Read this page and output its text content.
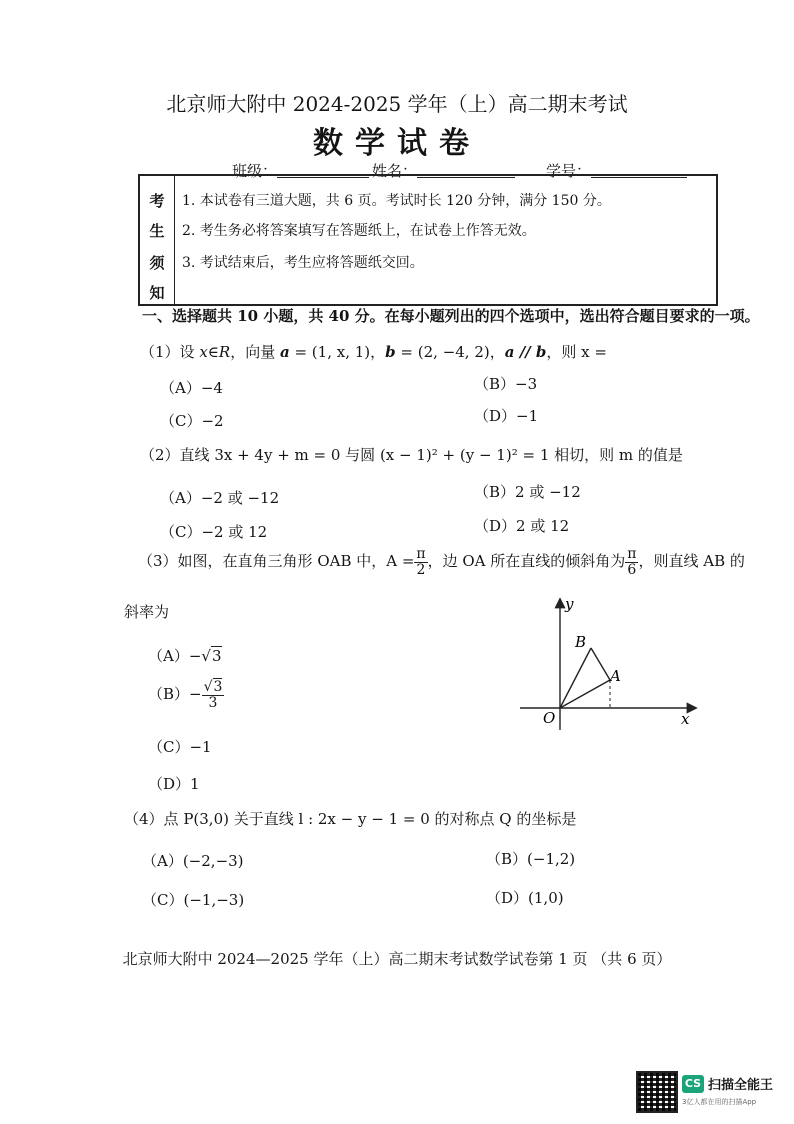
北京师大附中 2024-2025 学年（上）高二期末考试
数学试卷
班级：	姓名：	学号：
考
生
须
知
1. 本试卷有三道大题，共 6 页。考试时长 120 分钟，满分 150 分。
2. 考生务必将答案填写在答题纸上，在试卷上作答无效。
3. 考试结束后，考生应将答题纸交回。
一、选择题共 10 小题，共 40 分。在每小题列出的四个选项中，选出符合题目要求的一项。
（1）设 x∈R，向量 a = (1, x, 1)，b = (2, −4, 2)，a // b，则 x =
（A）−4	（B）−3
（C）−2	（D）−1
（2）直线 3x + 4y + m = 0 与圆 (x − 1)² + (y − 1)² = 1 相切，则 m 的值是
（A）−2 或 −12	（B）2 或 −12
（C）−2 或 12	（D）2 或 12
（3）如图，在直角三角形 OAB 中，$A = \frac{\pi}{2}$ ，边 OA 所在直线的倾斜角为 $\frac{\pi}{6}$ ，则直线 AB 的
斜率为
（A）−√3
$(B)- \frac{√3}{3}$
（C）−1
（D）1
y
x
O
A
B
（4）点 P(3,0) 关于直线 l : 2x − y − 1 = 0 的对称点 Q 的坐标是
（A）(−2,−3)	（B）(−1,2)
（C）(−1,−3)	（D）(1,0)
北京师大附中 2024—2025 学年（上）高二期末考试数学试卷第 1 页 （共 6 页）
CS 扫描全能王
3亿人都在用的扫描App
